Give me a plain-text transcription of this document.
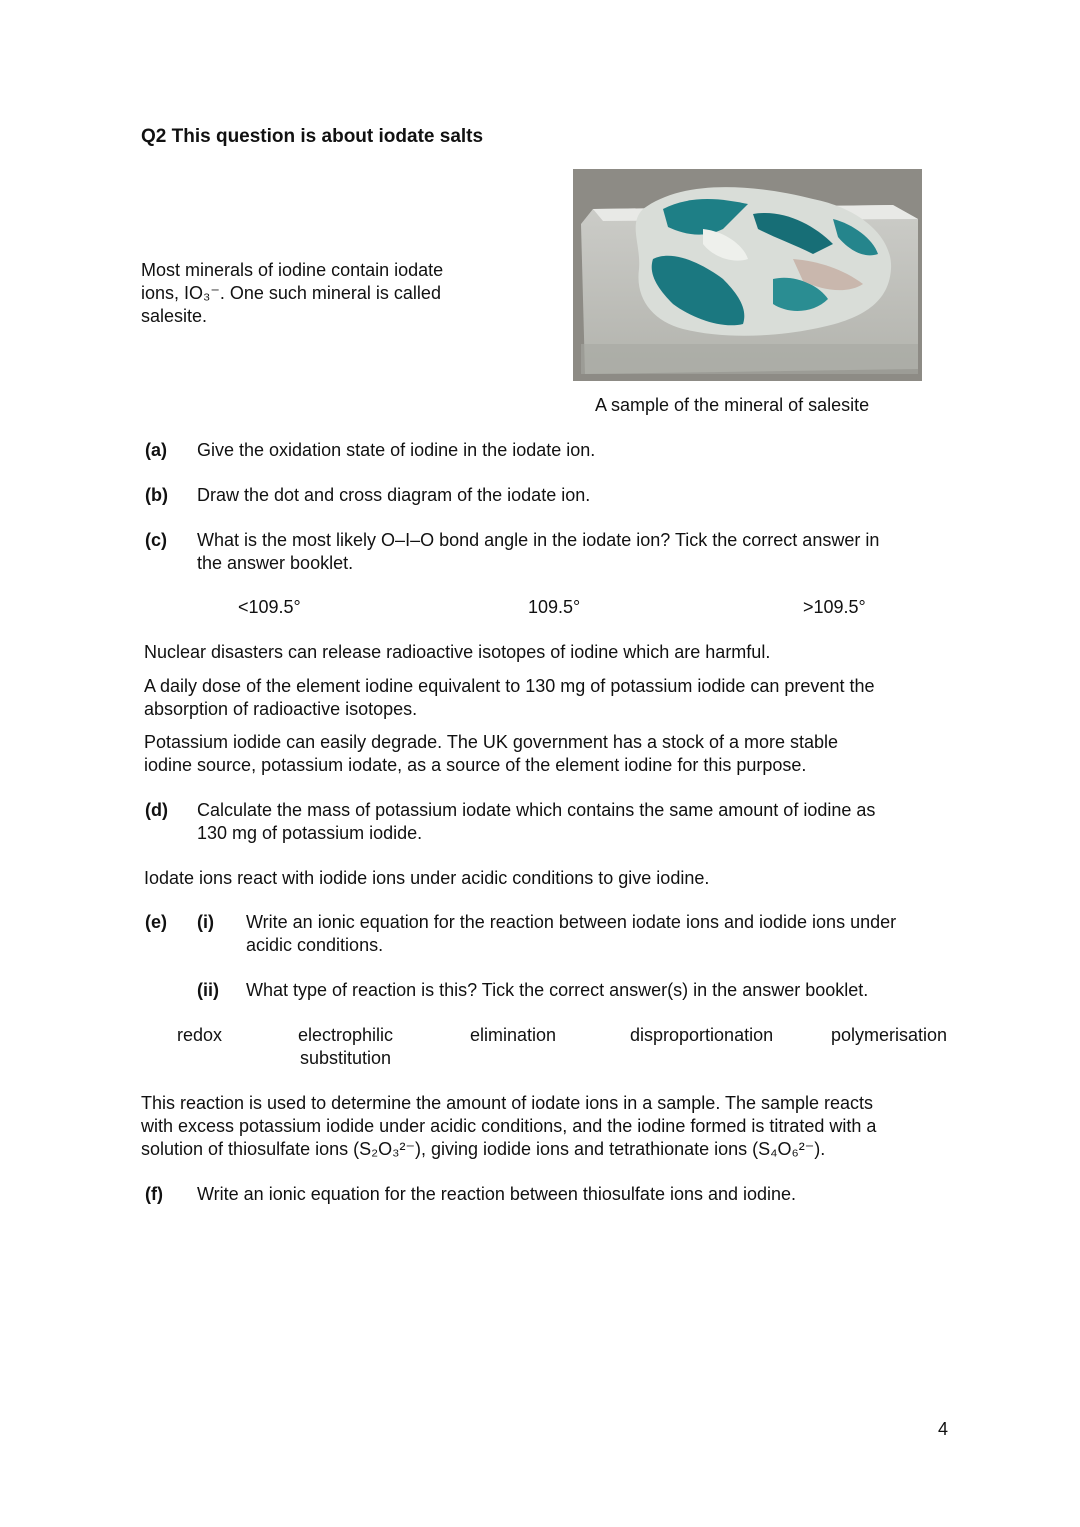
Q2 This question is about iodate salts
Most minerals of iodine contain iodate
ions, IO₃⁻. One such mineral is called
salesite.
A sample of the mineral of salesite
(a) Give the oxidation state of iodine in the iodate ion.
(b) Draw the dot and cross diagram of the iodate ion.
(c) What is the most likely O–I–O bond angle in the iodate ion? Tick the correct answer in
the answer booklet.
<109.5°	109.5°	>109.5°
Nuclear disasters can release radioactive isotopes of iodine which are harmful.
A daily dose of the element iodine equivalent to 130 mg of potassium iodide can prevent the
absorption of radioactive isotopes.
Potassium iodide can easily degrade. The UK government has a stock of a more stable
iodine source, potassium iodate, as a source of the element iodine for this purpose.
(d) Calculate the mass of potassium iodate which contains the same amount of iodine as
130 mg of potassium iodide.
Iodate ions react with iodide ions under acidic conditions to give iodine.
(e) (i) Write an ionic equation for the reaction between iodate ions and iodide ions under
acidic conditions.
(ii) What type of reaction is this? Tick the correct answer(s) in the answer booklet.
redox	electrophilic
substitution
elimination	disproportionation	polymerisation
This reaction is used to determine the amount of iodate ions in a sample. The sample reacts
with excess potassium iodide under acidic conditions, and the iodine formed is titrated with a
solution of thiosulfate ions (S₂O₃²⁻), giving iodide ions and tetrathionate ions (S₄O₆²⁻).
(f) Write an ionic equation for the reaction between thiosulfate ions and iodine.
4
